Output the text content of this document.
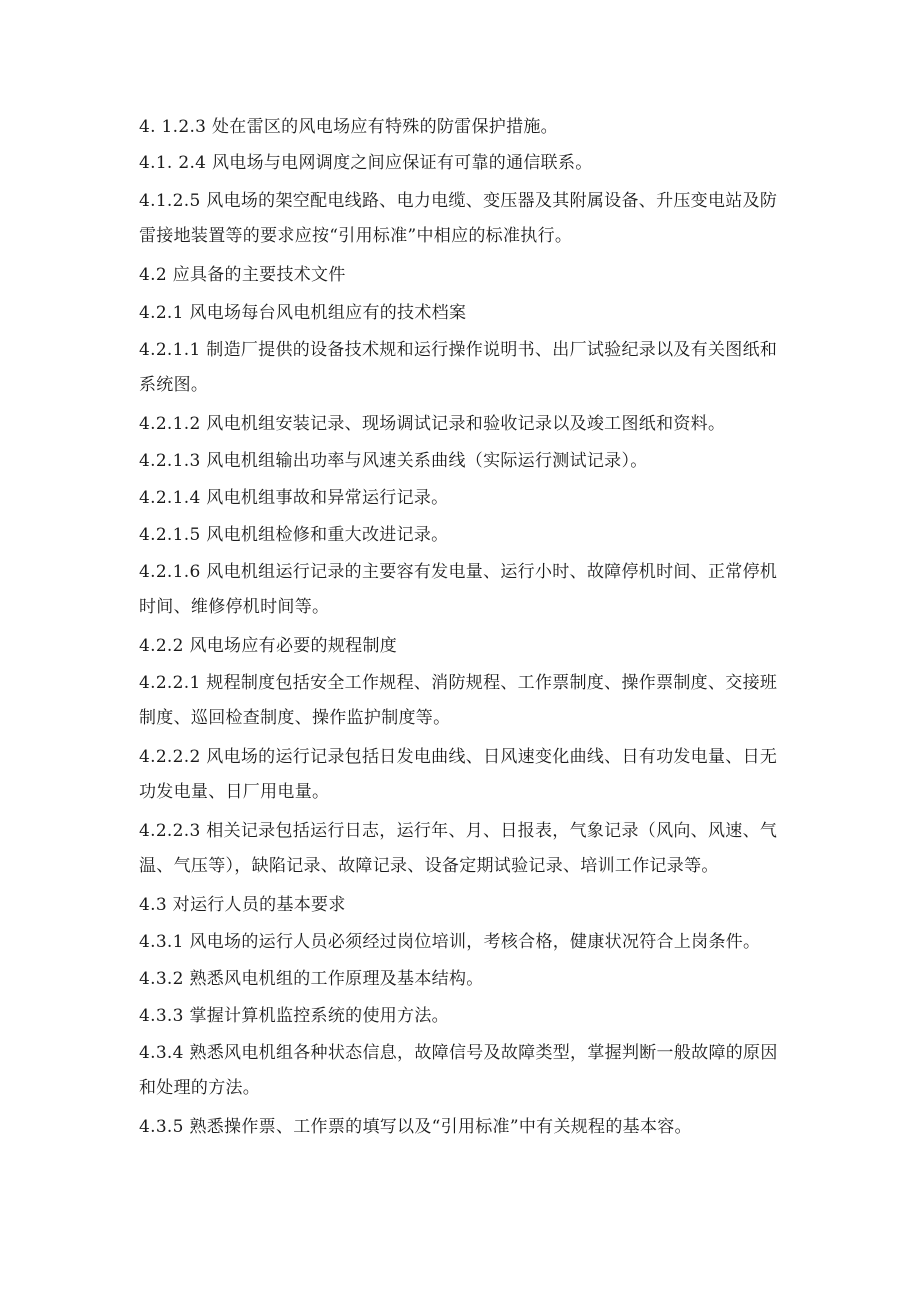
4. 1.2.3 处在雷区的风电场应有特殊的防雷保护措施。

4.1. 2.4 风电场与电网调度之间应保证有可靠的通信联系。

4.1.2.5 风电场的架空配电线路、电力电缆、变压器及其附属设备、升压变电站及防雷接地装置等的要求应按“引用标准”中相应的标准执行。

4.2 应具备的主要技术文件

4.2.1 风电场每台风电机组应有的技术档案

4.2.1.1 制造厂提供的设备技术规和运行操作说明书、出厂试验纪录以及有关图纸和系统图。

4.2.1.2 风电机组安装记录、现场调试记录和验收记录以及竣工图纸和资料。

4.2.1.3 风电机组输出功率与风速关系曲线（实际运行测试记录）。

4.2.1.4 风电机组事故和异常运行记录。

4.2.1.5 风电机组检修和重大改进记录。

4.2.1.6 风电机组运行记录的主要容有发电量、运行小时、故障停机时间、正常停机时间、维修停机时间等。

4.2.2 风电场应有必要的规程制度

4.2.2.1 规程制度包括安全工作规程、消防规程、工作票制度、操作票制度、交接班制度、巡回检查制度、操作监护制度等。

4.2.2.2 风电场的运行记录包括日发电曲线、日风速变化曲线、日有功发电量、日无功发电量、日厂用电量。

4.2.2.3 相关记录包括运行日志，运行年、月、日报表，气象记录（风向、风速、气温、气压等），缺陷记录、故障记录、设备定期试验记录、培训工作记录等。

4.3 对运行人员的基本要求

4.3.1 风电场的运行人员必须经过岗位培训，考核合格，健康状况符合上岗条件。

4.3.2 熟悉风电机组的工作原理及基本结构。

4.3.3 掌握计算机监控系统的使用方法。

4.3.4 熟悉风电机组各种状态信息，故障信号及故障类型，掌握判断一般故障的原因和处理的方法。

4.3.5 熟悉操作票、工作票的填写以及“引用标准”中有关规程的基本容。
